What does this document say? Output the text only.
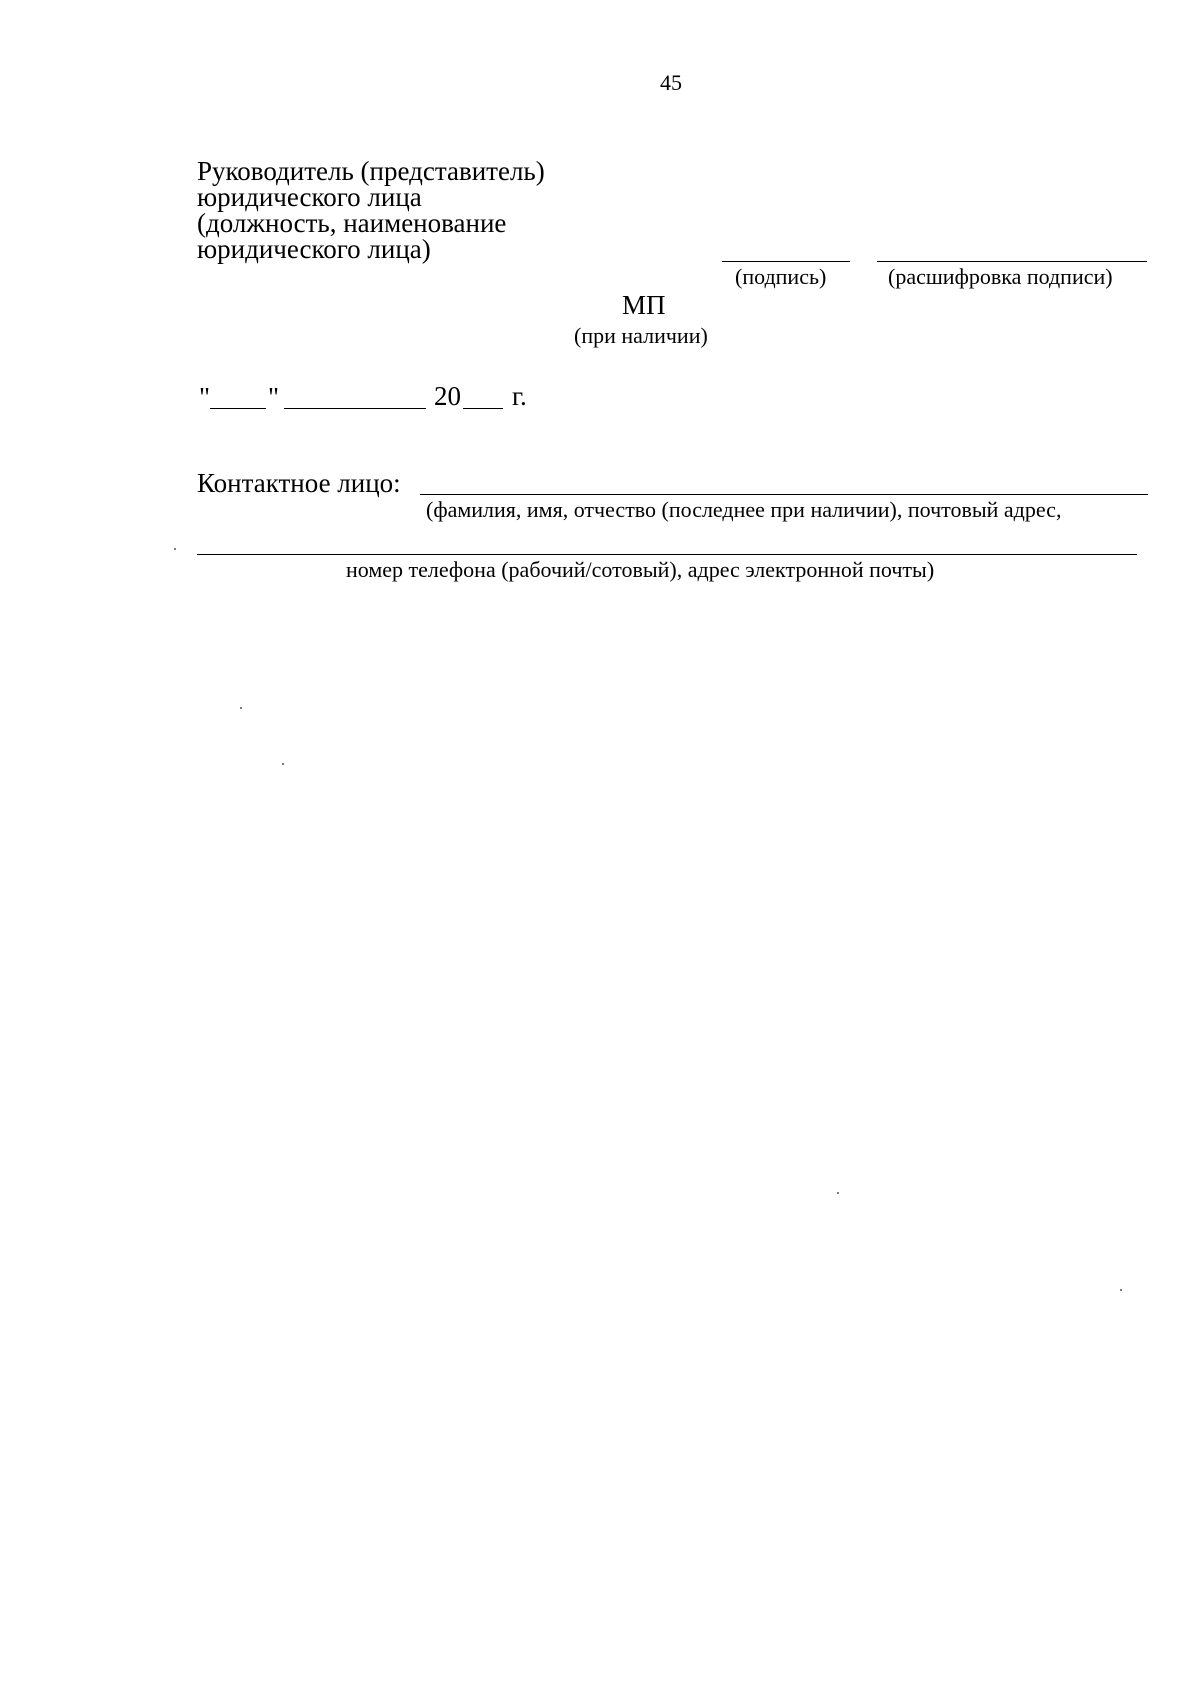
45
Руководитель (представитель)
юридического лица
(должность, наименование
юридического лица)
(подпись)	(расшифровка подписи)
МП
(при наличии)
" "	20 г.
Контактное лицо:
(фамилия, имя, отчество (последнее при наличии), почтовый адрес,
номер телефона (рабочий/сотовый), адрес электронной почты)
